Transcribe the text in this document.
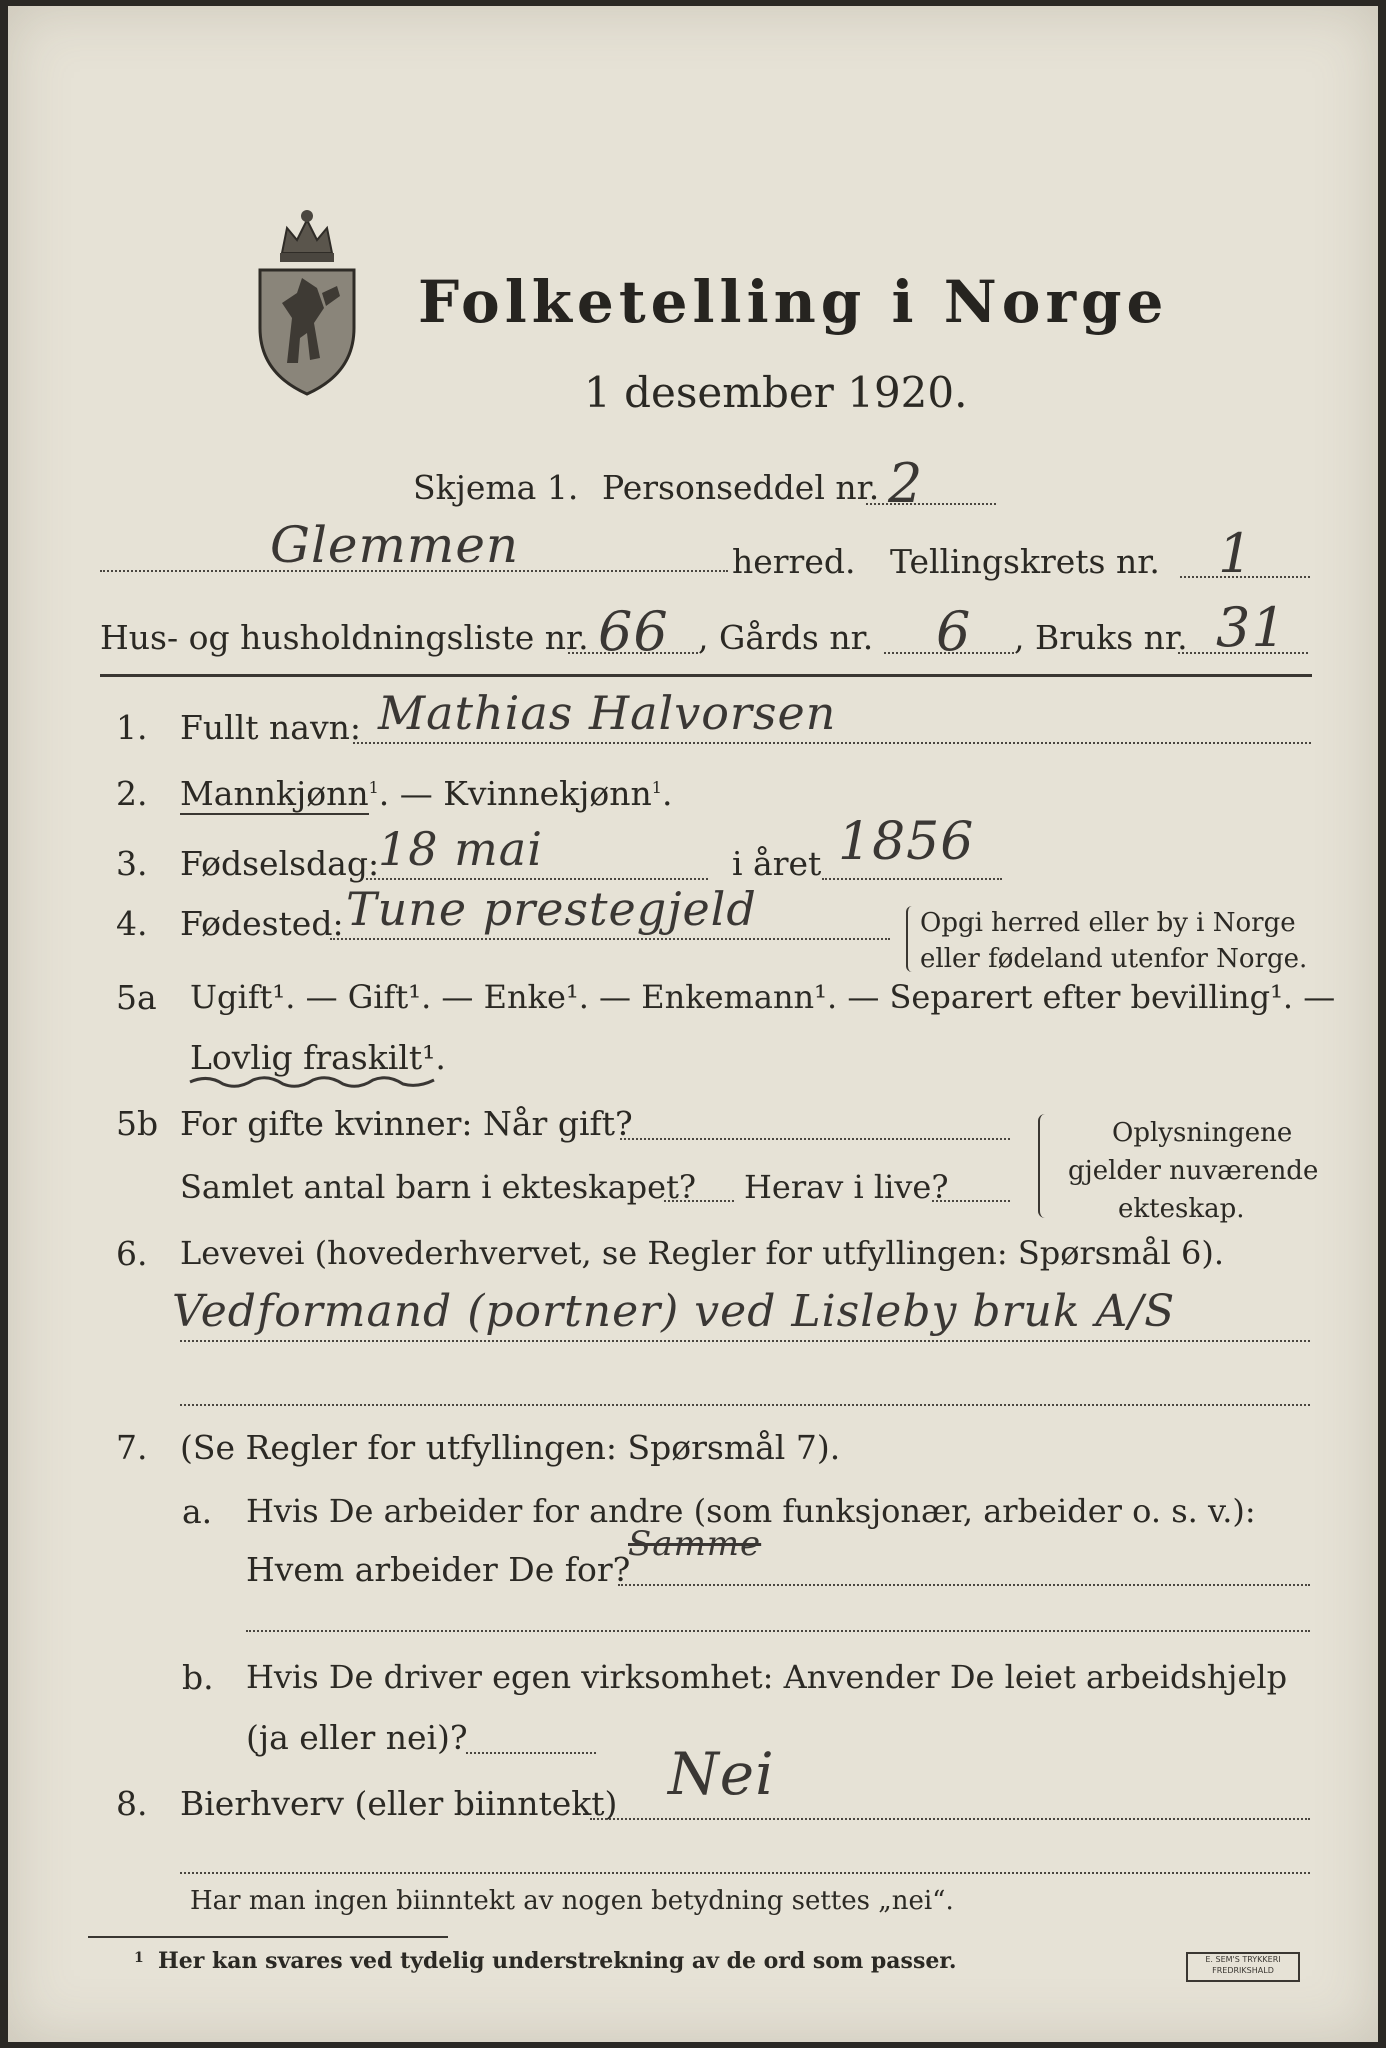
Folketelling i Norge
1 desember 1920.
Skjema 1. Personseddel nr. 2
Glemmen	herred. Tellingskrets nr. 1
Hus- og husholdningsliste nr. 66 , Gårds nr. 6 , Bruks nr. 31
1. Fullt navn: Mathias Halvorsen
2. Mannkjønn$^1$. — Kvinnekjønn$^1$.
3. Fødselsdag:
18 mai	i året 1856
4. Fødested: Tune prestegjeld	Opgi herred eller by i Norge
eller fødeland utenfor Norge.
5a Ugift¹. — Gift¹. — Enke¹. — Enkemann¹. — Separert efter bevilling¹. —
Lovlig fraskilt¹.
5b For gifte kvinner: Når gift?
Samlet antal barn i ekteskapet? Herav i live?
Oplysningene
gjelder nuværende
ekteskap.
6. Levevei (hovederhvervet, se Regler for utfyllingen: Spørsmål 6).
Vedformand (portner) ved Lisleby bruk A/S
7. (Se Regler for utfyllingen: Spørsmål 7).
a. Hvis De arbeider for andre (som funksjonær, arbeider o. s. v.):
Hvem arbeider De for?
Samme
b. Hvis De driver egen virksomhet: Anvender De leiet arbeidshjelp
(ja eller nei)?
8. Bierhverv (eller biinntekt) Nei
Har man ingen biinntekt av nogen betydning settes „nei“.
1 Her kan svares ved tydelig understrekning av de ord som passer.	E. SEM'S TRYKKERI FREDRIKSHALD
